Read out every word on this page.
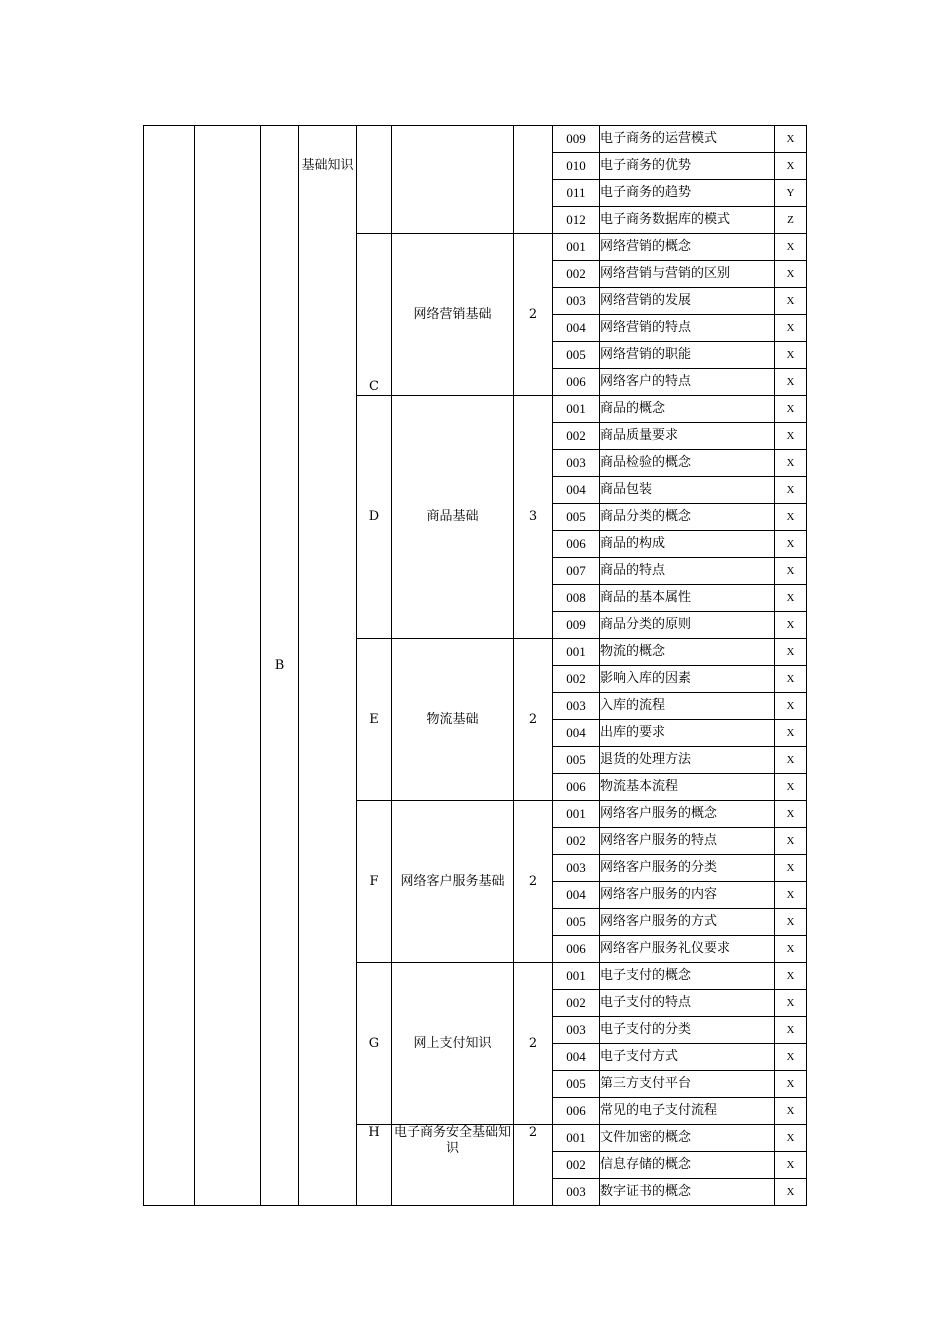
		B	基础知识				009	电子商务的运营模式	X
							010	电子商务的优势	X
							011	电子商务的趋势	Y
							012	电子商务数据库的模式	Z
				C	网络营销基础	2	001	网络营销的概念	X
							002	网络营销与营销的区别	X
							003	网络营销的发展	X
							004	网络营销的特点	X
							005	网络营销的职能	X
							006	网络客户的特点	X
				D	商品基础	3	001	商品的概念	X
							002	商品质量要求	X
							003	商品检验的概念	X
							004	商品包装	X
							005	商品分类的概念	X
							006	商品的构成	X
							007	商品的特点	X
							008	商品的基本属性	X
							009	商品分类的原则	X
				E	物流基础	2	001	物流的概念	X
							002	影响入库的因素	X
							003	入库的流程	X
							004	出库的要求	X
							005	退货的处理方法	X
							006	物流基本流程	X
				F	网络客户服务基础	2	001	网络客户服务的概念	X
							002	网络客户服务的特点	X
							003	网络客户服务的分类	X
							004	网络客户服务的内容	X
							005	网络客户服务的方式	X
							006	网络客户服务礼仪要求	X
				G	网上支付知识	2	001	电子支付的概念	X
							002	电子支付的特点	X
							003	电子支付的分类	X
							004	电子支付方式	X
							005	第三方支付平台	X
							006	常见的电子支付流程	X
				H	电子商务安全基础知识	2	001	文件加密的概念	X
							002	信息存储的概念	X
							003	数字证书的概念	X
